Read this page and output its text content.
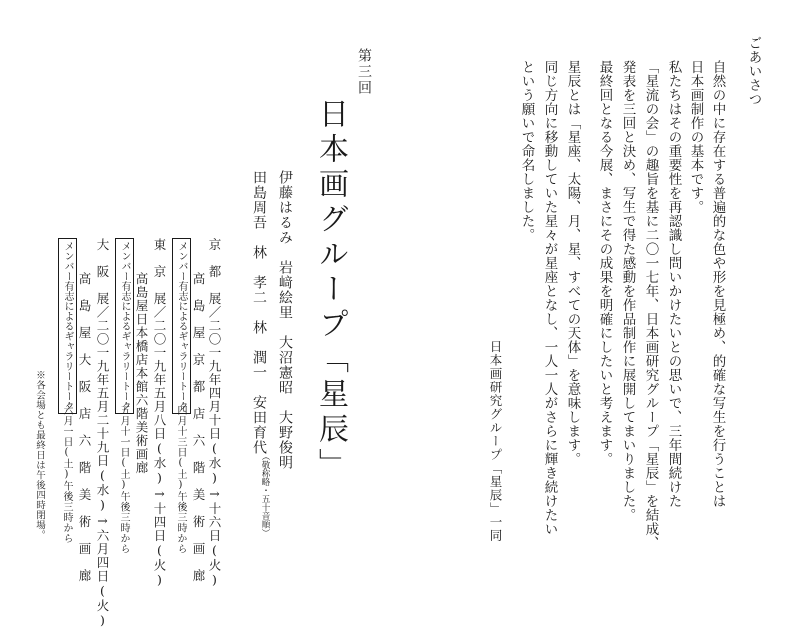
ごあいさつ
自然の中に存在する普遍的な色や形を見極め、的確な写生を行うことは
日本画制作の基本です。
私たちはその重要性を再認識し問いかけたいとの思いで、三年間続けた
「星流の会」の趣旨を基に二〇一七年、日本画研究グループ「星辰」を結成、
発表を三回と決め、写生で得た感動を作品制作に展開してまいりました。
最終回となる今展、まさにその成果を明確にしたいと考えます。
星辰とは「星座、太陽、月、星、すべての天体」を意味します。
同じ方向に移動していた星々が星座となし、一人一人がさらに輝き続けたい
という願いで命名しました。
日本画研究グループ「星辰」一同
第三回
日本画グループ「星辰」
伊藤はるみ　岩﨑絵里　大沼憲昭　大野俊明
田島周吾　林　孝二　林　潤一　安田育代
（敬称略・五十音順）
京　都　展／二〇一九年四月十日(水)→十六日(火)
高　島　屋　京　都　店　六　階　美　術　画　廊
メンバー有志によるギャラリートーク
四月十三日(土)午後三時から
東　京　展／二〇一九年五月八日(水)→十四日(火)
高島屋日本橋店本館六階美術画廊
メンバー有志によるギャラリートーク
五月十一日(土)午後三時から
大　阪　展／二〇一九年五月二十九日(水)→六月四日(火)
高　島　屋　大　阪　店　六　階　美　術　画　廊
メンバー有志によるギャラリートーク
六月一日(土)午後三時から
※各会場とも最終日は午後四時閉場。
